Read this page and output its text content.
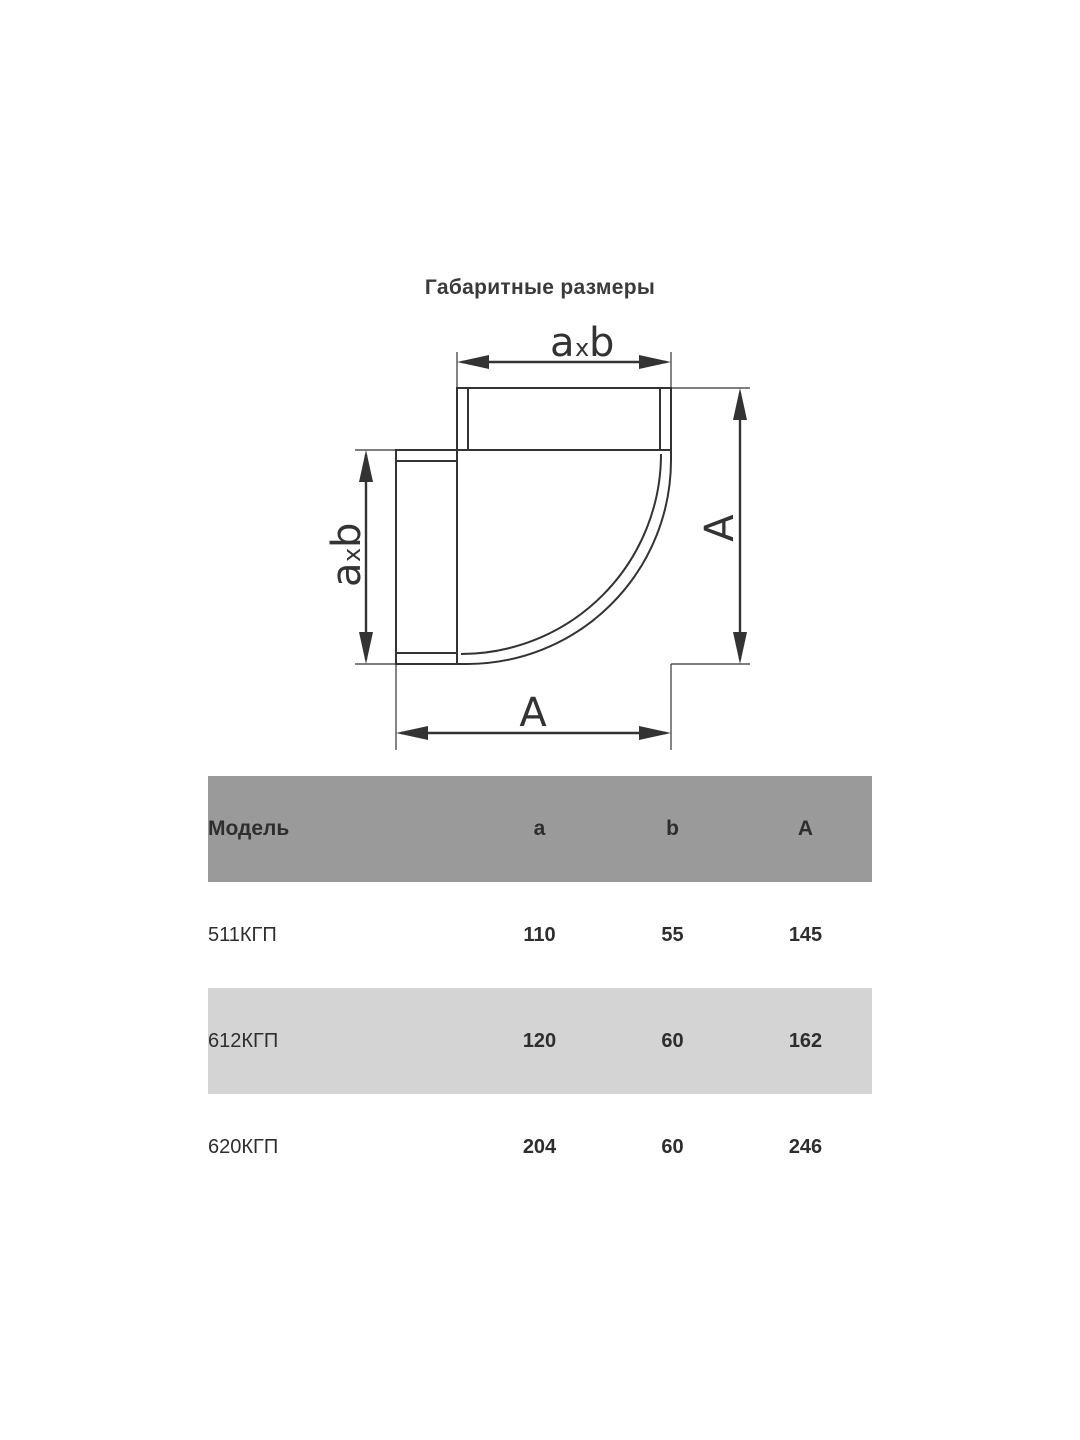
Габаритные размеры
a x b
A
a
x
b
A
Модель	a	b	A
511КГП	110	55	145
612КГП	120	60	162
620КГП	204	60	246
